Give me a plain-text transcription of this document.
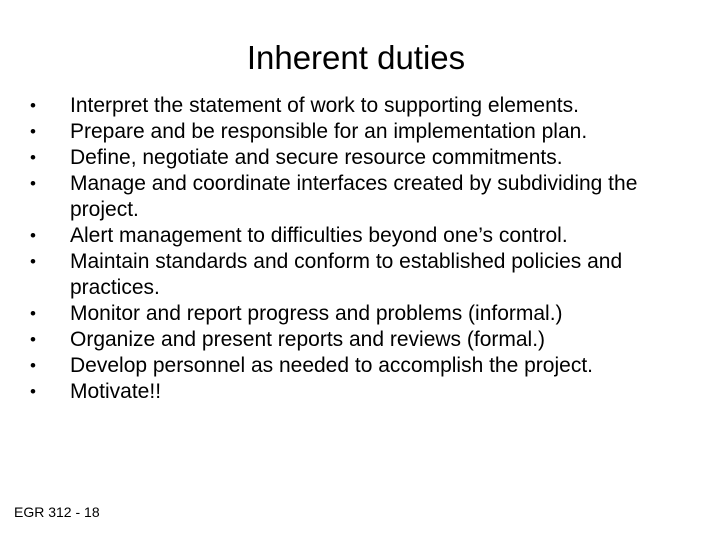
Inherent duties
• Interpret the statement of work to supporting elements.
• Prepare and be responsible for an implementation plan.
• Define, negotiate and secure resource commitments.
• Manage and coordinate interfaces created by subdividing the project.
• Alert management to difficulties beyond one’s control.
• Maintain standards and conform to established policies and practices.
• Monitor and report progress and problems (informal.)
• Organize and present reports and reviews (formal.)
• Develop personnel as needed to accomplish the project.
• Motivate!!
EGR 312 - 18
